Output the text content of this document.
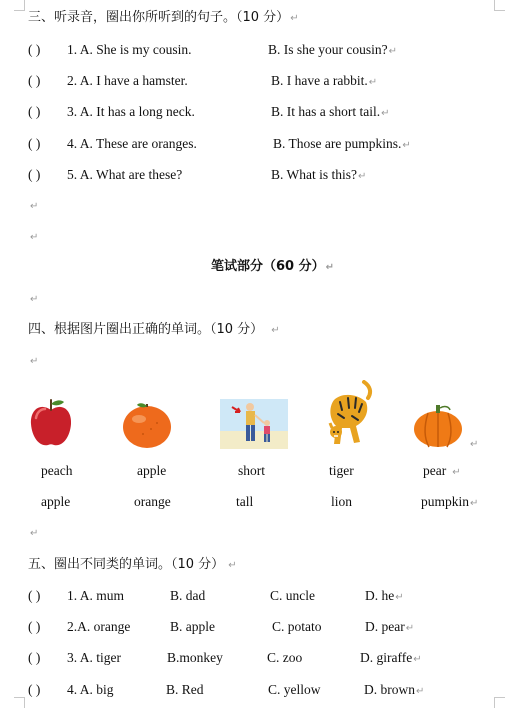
三、听录音，圈出你所听到的句子。（10 分）↵
( ) 1. A. She is my cousin.	B. Is she your cousin?↵
( ) 2. A. I have a hamster.	B. I have a rabbit.↵
( ) 3. A. It has a long neck.	B. It has a short tail.↵
( ) 4. A. These are oranges.	B. Those are pumpkins.↵
( ) 5. A. What are these?	B. What is this?↵
↵
↵
笔试部分（60 分）↵
↵
四、根据图片圈出正确的单词。（10 分） ↵
↵
↵
peach	apple	short	tiger	pear ↵
apple	orange	tall	lion	pumpkin↵
↵
五、圈出不同类的单词。（10 分） ↵
( ) 1. A. mum	B. dad	C. uncle	D. he↵
( ) 2.A. orange	B. apple	C. potato	D. pear↵
( ) 3. A. tiger	B.monkey	C. zoo	D. giraffe↵
( ) 4. A. big	B. Red	C. yellow	D. brown↵
